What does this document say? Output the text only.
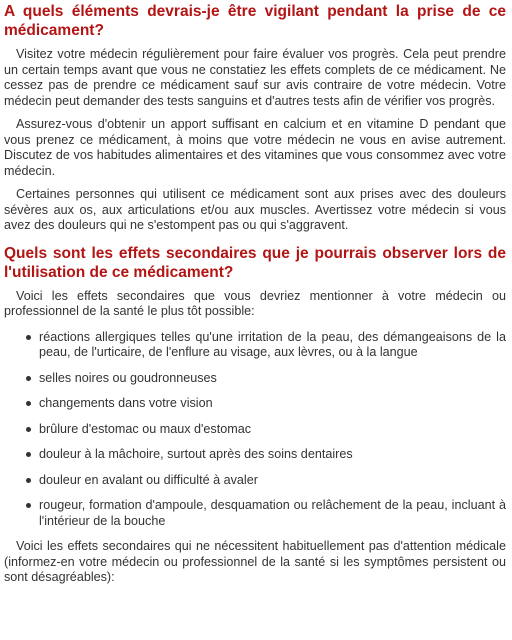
A quels éléments devrais-je être vigilant pendant la prise de ce médicament?

Visitez votre médecin régulièrement pour faire évaluer vos progrès. Cela peut prendre un certain temps avant que vous ne constatiez les effets complets de ce médicament. Ne cessez pas de prendre ce médicament sauf sur avis contraire de votre médecin. Votre médecin peut demander des tests sanguins et d'autres tests afin de vérifier vos progrès.

Assurez-vous d'obtenir un apport suffisant en calcium et en vitamine D pendant que vous prenez ce médicament, à moins que votre médecin ne vous en avise autrement. Discutez de vos habitudes alimentaires et des vitamines que vous consommez avec votre médecin.

Certaines personnes qui utilisent ce médicament sont aux prises avec des douleurs sévères aux os, aux articulations et/ou aux muscles. Avertissez votre médecin si vous avez des douleurs qui ne s'estompent pas ou qui s'aggravent.

Quels sont les effets secondaires que je pourrais observer lors de l'utilisation de ce médicament?

Voici les effets secondaires que vous devriez mentionner à votre médecin ou professionnel de la santé le plus tôt possible:

réactions allergiques telles qu'une irritation de la peau, des démangeaisons de la peau, de l'urticaire, de l'enflure au visage, aux lèvres, ou à la langue
selles noires ou goudronneuses
changements dans votre vision
brûlure d'estomac ou maux d'estomac
douleur à la mâchoire, surtout après des soins dentaires
douleur en avalant ou difficulté à avaler
rougeur, formation d'ampoule, desquamation ou relâchement de la peau, incluant à l'intérieur de la bouche

Voici les effets secondaires qui ne nécessitent habituellement pas d'attention médicale (informez-en votre médecin ou professionnel de la santé si les symptômes persistent ou sont désagréables):
